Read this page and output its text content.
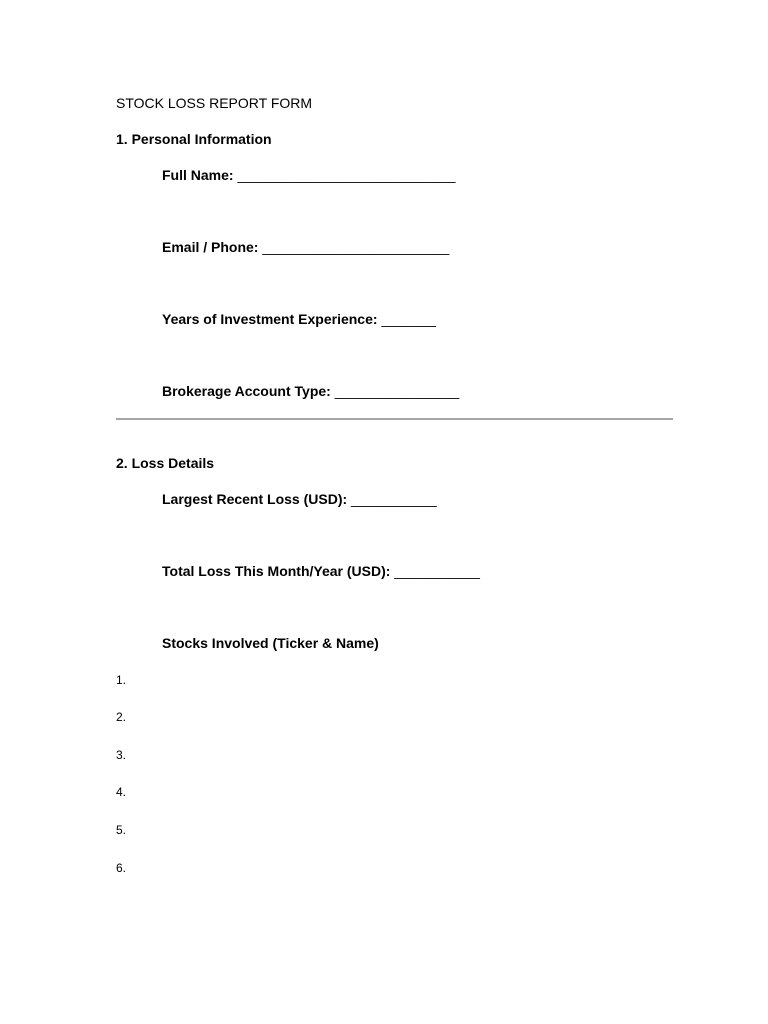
STOCK LOSS REPORT FORM
1. Personal Information
Full Name: ____________________________
Email / Phone: ________________________
Years of Investment Experience: _______
Brokerage Account Type: ________________
2. Loss Details
Largest Recent Loss (USD): ___________
Total Loss This Month/Year (USD): ___________
Stocks Involved (Ticker & Name)
1.
2.
3.
4.
5.
6.
